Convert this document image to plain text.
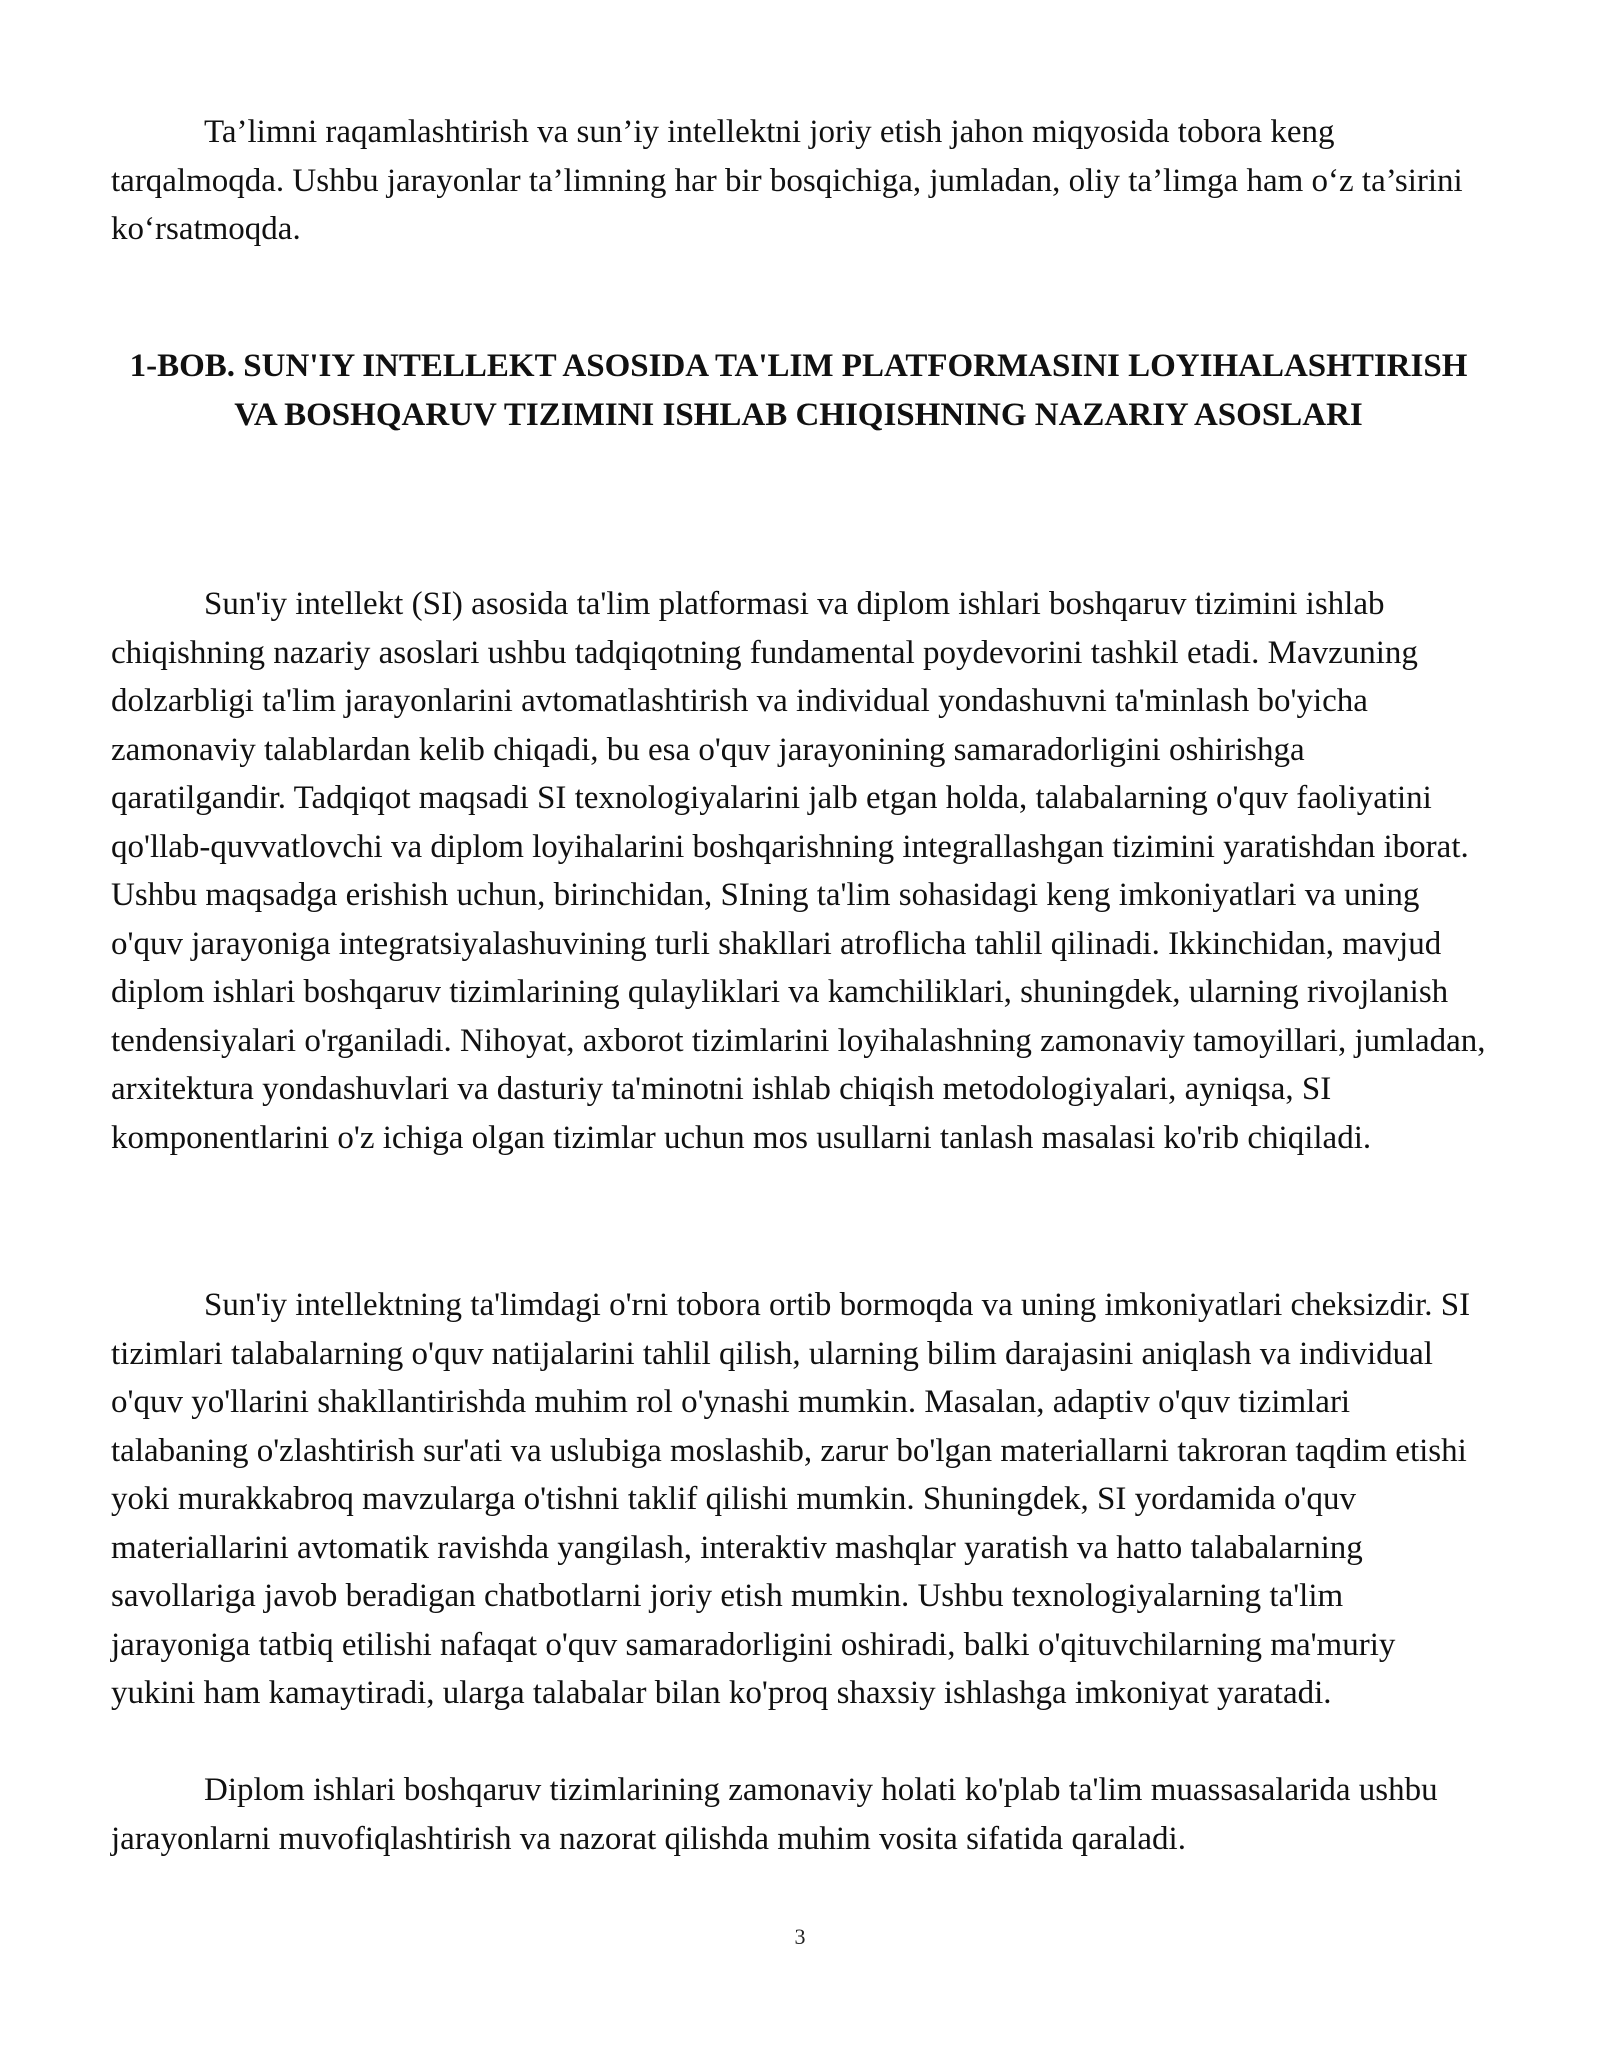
Ta’limni raqamlashtirish va sun’iy intellektni joriy etish jahon miqyosida tobora keng tarqalmoqda. Ushbu jarayonlar ta’limning har bir bosqichiga, jumladan, oliy ta’limga ham o‘z ta’sirini ko‘rsatmoqda.

1-BOB. SUN'IY INTELLEKT ASOSIDA TA'LIM PLATFORMASINI LOYIHALASHTIRISH VA BOSHQARUV TIZIMINI ISHLAB CHIQISHNING NAZARIY ASOSLARI

Sun'iy intellekt (SI) asosida ta'lim platformasi va diplom ishlari boshqaruv tizimini ishlab chiqishning nazariy asoslari ushbu tadqiqotning fundamental poydevorini tashkil etadi. Mavzuning dolzarbligi ta'lim jarayonlarini avtomatlashtirish va individual yondashuvni ta'minlash bo'yicha zamonaviy talablardan kelib chiqadi, bu esa o'quv jarayonining samaradorligini oshirishga qaratilgandir. Tadqiqot maqsadi SI texnologiyalarini jalb etgan holda, talabalarning o'quv faoliyatini qo'llab-quvvatlovchi va diplom loyihalarini boshqarishning integrallashgan tizimini yaratishdan iborat. Ushbu maqsadga erishish uchun, birinchidan, SIning ta'lim sohasidagi keng imkoniyatlari va uning o'quv jarayoniga integratsiyalashuvining turli shakllari atroflicha tahlil qilinadi. Ikkinchidan, mavjud diplom ishlari boshqaruv tizimlarining qulayliklari va kamchiliklari, shuningdek, ularning rivojlanish tendensiyalari o'rganiladi. Nihoyat, axborot tizimlarini loyihalashning zamonaviy tamoyillari, jumladan, arxitektura yondashuvlari va dasturiy ta'minotni ishlab chiqish metodologiyalari, ayniqsa, SI komponentlarini o'z ichiga olgan tizimlar uchun mos usullarni tanlash masalasi ko'rib chiqiladi.

Sun'iy intellektning ta'limdagi o'rni tobora ortib bormoqda va uning imkoniyatlari cheksizdir. SI tizimlari talabalarning o'quv natijalarini tahlil qilish, ularning bilim darajasini aniqlash va individual o'quv yo'llarini shakllantirishda muhim rol o'ynashi mumkin. Masalan, adaptiv o'quv tizimlari talabaning o'zlashtirish sur'ati va uslubiga moslashib, zarur bo'lgan materiallarni takroran taqdim etishi yoki murakkabroq mavzularga o'tishni taklif qilishi mumkin. Shuningdek, SI yordamida o'quv materiallarini avtomatik ravishda yangilash, interaktiv mashqlar yaratish va hatto talabalarning savollariga javob beradigan chatbotlarni joriy etish mumkin. Ushbu texnologiyalarning ta'lim jarayoniga tatbiq etilishi nafaqat o'quv samaradorligini oshiradi, balki o'qituvchilarning ma'muriy yukini ham kamaytiradi, ularga talabalar bilan ko'proq shaxsiy ishlashga imkoniyat yaratadi.

Diplom ishlari boshqaruv tizimlarining zamonaviy holati ko'plab ta'lim muassasalarida ushbu jarayonlarni muvofiqlashtirish va nazorat qilishda muhim vosita sifatida qaraladi.

3
